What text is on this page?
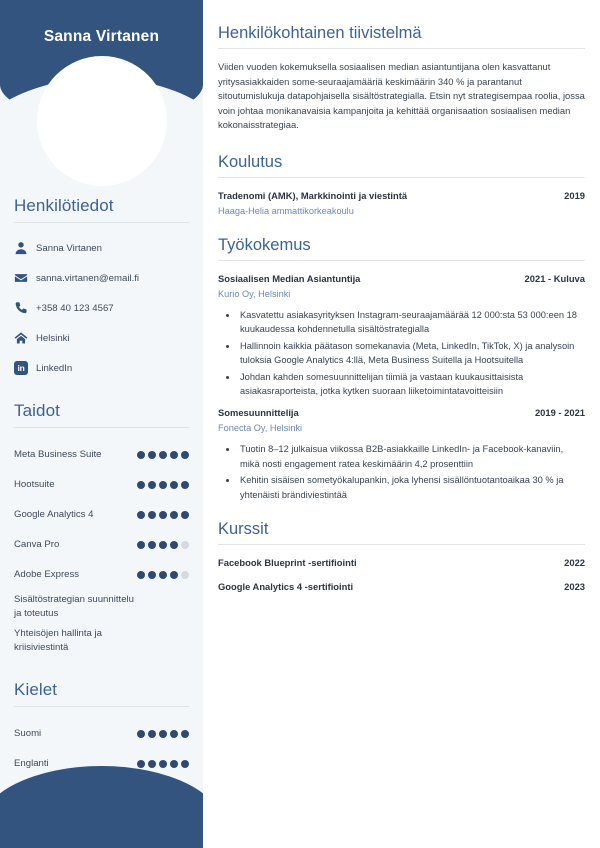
Sanna Virtanen
Henkilötiedot
Sanna Virtanen
sanna.virtanen@email.fi
+358 40 123 4567
Helsinki
in	LinkedIn
Taidot
Meta Business Suite
Hootsuite
Google Analytics 4
Canva Pro
Adobe Express
Sisältöstrategian suunnittelu ja toteutus
Yhteisöjen hallinta ja kriisiviestintä
Kielet
Suomi
Englanti
Henkilökohtainen tiivistelmä

Viiden vuoden kokemuksella sosiaalisen median asiantuntijana olen kasvattanut yritysasiakkaiden some-seuraajamääriä keskimäärin 340 % ja parantanut sitoutumislukuja datapohjaisella sisältöstrategialla. Etsin nyt strategisempaa roolia, jossa voin johtaa monikanavaisia kampanjoita ja kehittää organisaation sosiaalisen median kokonaisstrategiaa.

Koulutus
Tradenomi (AMK), Markkinointi ja viestintä	2019
Haaga-Helia ammattikorkeakoulu
Työkokemus
Sosiaalisen Median Asiantuntija	2021 - Kuluva
Kurio Oy, Helsinki
• Kasvatettu asiakasyrityksen Instagram-seuraajamäärää 12 000:sta 53 000:een 18 kuukaudessa kohdennetulla sisältöstrategialla
• Hallinnoin kaikkia päätason somekanavia (Meta, LinkedIn, TikTok, X) ja analysoin tuloksia Google Analytics 4:llä, Meta Business Suitella ja Hootsuitella
• Johdan kahden somesuunnittelijan tiimiä ja vastaan kuukausittaisista asiakasraporteista, jotka kytken suoraan liiketoimintatavoitteisiin
Somesuunnittelija	2019 - 2021
Fonecta Oy, Helsinki
• Tuotin 8–12 julkaisua viikossa B2B-asiakkaille LinkedIn- ja Facebook-kanaviin, mikä nosti engagement ratea keskimäärin 4,2 prosenttiin
• Kehitin sisäisen sometyökalupankin, joka lyhensi sisällöntuotantoaikaa 30 % ja yhtenäisti brändiviestintää
Kurssit
Facebook Blueprint -sertifiointi	2022
Google Analytics 4 -sertifiointi	2023
